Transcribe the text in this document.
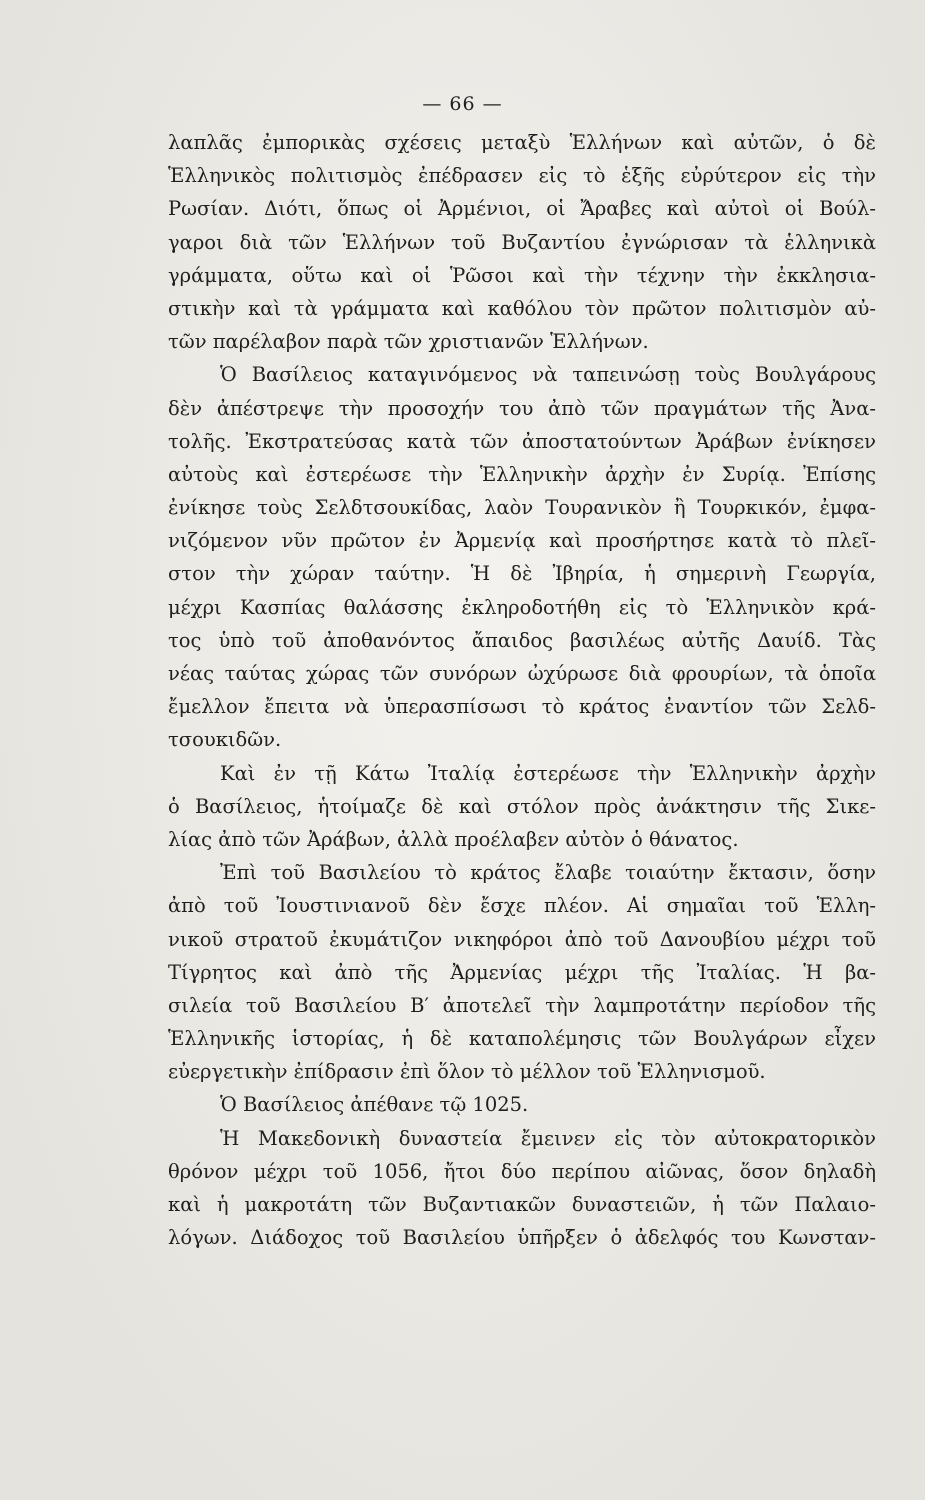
— 66 —
λαπλᾶς ἐμπορικὰς σχέσεις μεταξὺ Ἑλλήνων καὶ αὐτῶν, ὁ δὲ
Ἑλληνικὸς πολιτισμὸς ἐπέδρασεν εἰς τὸ ἑξῆς εὐρύτερον εἰς τὴν
Ρωσίαν. Διότι, ὅπως οἱ Ἀρμένιοι, οἱ Ἄραβες καὶ αὐτοὶ οἱ Βούλ-
γαροι διὰ τῶν Ἑλλήνων τοῦ Βυζαντίου ἐγνώρισαν τὰ ἑλληνικὰ
γράμματα, οὕτω καὶ οἱ Ῥῶσοι καὶ τὴν τέχνην τὴν ἐκκλησια-
στικὴν καὶ τὰ γράμματα καὶ καθόλου τὸν πρῶτον πολιτισμὸν αὐ-
τῶν παρέλαβον παρὰ τῶν χριστιανῶν Ἑλλήνων.
Ὁ Βασίλειος καταγινόμενος νὰ ταπεινώσῃ τοὺς Βουλγάρους
δὲν ἀπέστρεψε τὴν προσοχήν του ἀπὸ τῶν πραγμάτων τῆς Ἀνα-
τολῆς. Ἐκστρατεύσας κατὰ τῶν ἀποστατούντων Ἀράβων ἐνίκησεν
αὐτοὺς καὶ ἐστερέωσε τὴν Ἑλληνικὴν ἀρχὴν ἐν Συρίᾳ. Ἐπίσης
ἐνίκησε τοὺς Σελδτσουκίδας, λαὸν Τουρανικὸν ἢ Τουρκικόν, ἐμφα-
νιζόμενον νῦν πρῶτον ἐν Ἀρμενίᾳ καὶ προσήρτησε κατὰ τὸ πλεῖ-
στον τὴν χώραν ταύτην. Ἡ δὲ Ἰβηρία, ἡ σημερινὴ Γεωργία,
μέχρι Κασπίας θαλάσσης ἐκληροδοτήθη εἰς τὸ Ἑλληνικὸν κρά-
τος ὑπὸ τοῦ ἀποθανόντος ἄπαιδος βασιλέως αὐτῆς Δαυίδ. Τὰς
νέας ταύτας χώρας τῶν συνόρων ὠχύρωσε διὰ φρουρίων, τὰ ὁποῖα
ἔμελλον ἔπειτα νὰ ὑπερασπίσωσι τὸ κράτος ἐναντίον τῶν Σελδ-
τσουκιδῶν.
Καὶ ἐν τῇ Κάτω Ἰταλίᾳ ἐστερέωσε τὴν Ἑλληνικὴν ἀρχὴν
ὁ Βασίλειος, ἡτοίμαζε δὲ καὶ στόλον πρὸς ἀνάκτησιν τῆς Σικε-
λίας ἀπὸ τῶν Ἀράβων, ἀλλὰ προέλαβεν αὐτὸν ὁ θάνατος.
Ἐπὶ τοῦ Βασιλείου τὸ κράτος ἔλαβε τοιαύτην ἔκτασιν, ὅσην
ἀπὸ τοῦ Ἰουστινιανοῦ δὲν ἔσχε πλέον. Αἱ σημαῖαι τοῦ Ἑλλη-
νικοῦ στρατοῦ ἐκυμάτιζον νικηφόροι ἀπὸ τοῦ Δανουβίου μέχρι τοῦ
Τίγρητος καὶ ἀπὸ τῆς Ἀρμενίας μέχρι τῆς Ἰταλίας. Ἡ βα-
σιλεία τοῦ Βασιλείου Β′ ἀποτελεῖ τὴν λαμπροτάτην περίοδον τῆς
Ἑλληνικῆς ἱστορίας, ἡ δὲ καταπολέμησις τῶν Βουλγάρων εἶχεν
εὐεργετικὴν ἐπίδρασιν ἐπὶ ὅλον τὸ μέλλον τοῦ Ἑλληνισμοῦ.
Ὁ Βασίλειος ἀπέθανε τῷ 1025.
Ἡ Μακεδονικὴ δυναστεία ἔμεινεν εἰς τὸν αὐτοκρατορικὸν
θρόνον μέχρι τοῦ 1056, ἤτοι δύο περίπου αἰῶνας, ὅσον δηλαδὴ
καὶ ἡ μακροτάτη τῶν Βυζαντιακῶν δυναστειῶν, ἡ τῶν Παλαιο-
λόγων. Διάδοχος τοῦ Βασιλείου ὑπῆρξεν ὁ ἀδελφός του Κωνσταν-
